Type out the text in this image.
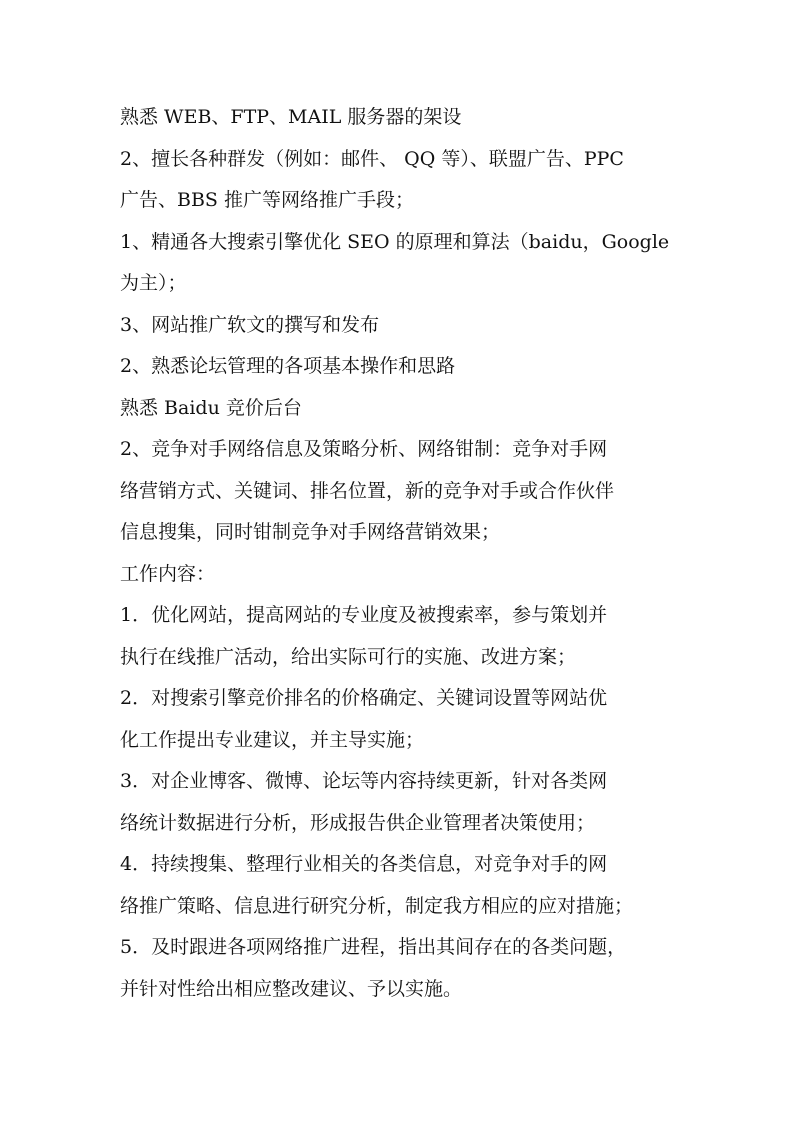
熟悉 WEB、FTP、MAIL 服务器的架设
2、擅长各种群发（例如：邮件、 QQ 等）、联盟广告、PPC
广告、BBS 推广等网络推广手段；
1、精通各大搜索引擎优化 SEO 的原理和算法（baidu，Google
为主）；
3、网站推广软文的撰写和发布
2、熟悉论坛管理的各项基本操作和思路
熟悉 Baidu 竞价后台
2、竞争对手网络信息及策略分析、网络钳制：竞争对手网
络营销方式、关键词、排名位置，新的竞争对手或合作伙伴
信息搜集，同时钳制竞争对手网络营销效果；
工作内容：
1．优化网站，提高网站的专业度及被搜索率，参与策划并
执行在线推广活动，给出实际可行的实施、改进方案；
2．对搜索引擎竞价排名的价格确定、关键词设置等网站优
化工作提出专业建议，并主导实施；
3．对企业博客、微博、论坛等内容持续更新，针对各类网
络统计数据进行分析，形成报告供企业管理者决策使用；
4．持续搜集、整理行业相关的各类信息，对竞争对手的网
络推广策略、信息进行研究分析，制定我方相应的应对措施；
5．及时跟进各项网络推广进程，指出其间存在的各类问题，
并针对性给出相应整改建议、予以实施。
